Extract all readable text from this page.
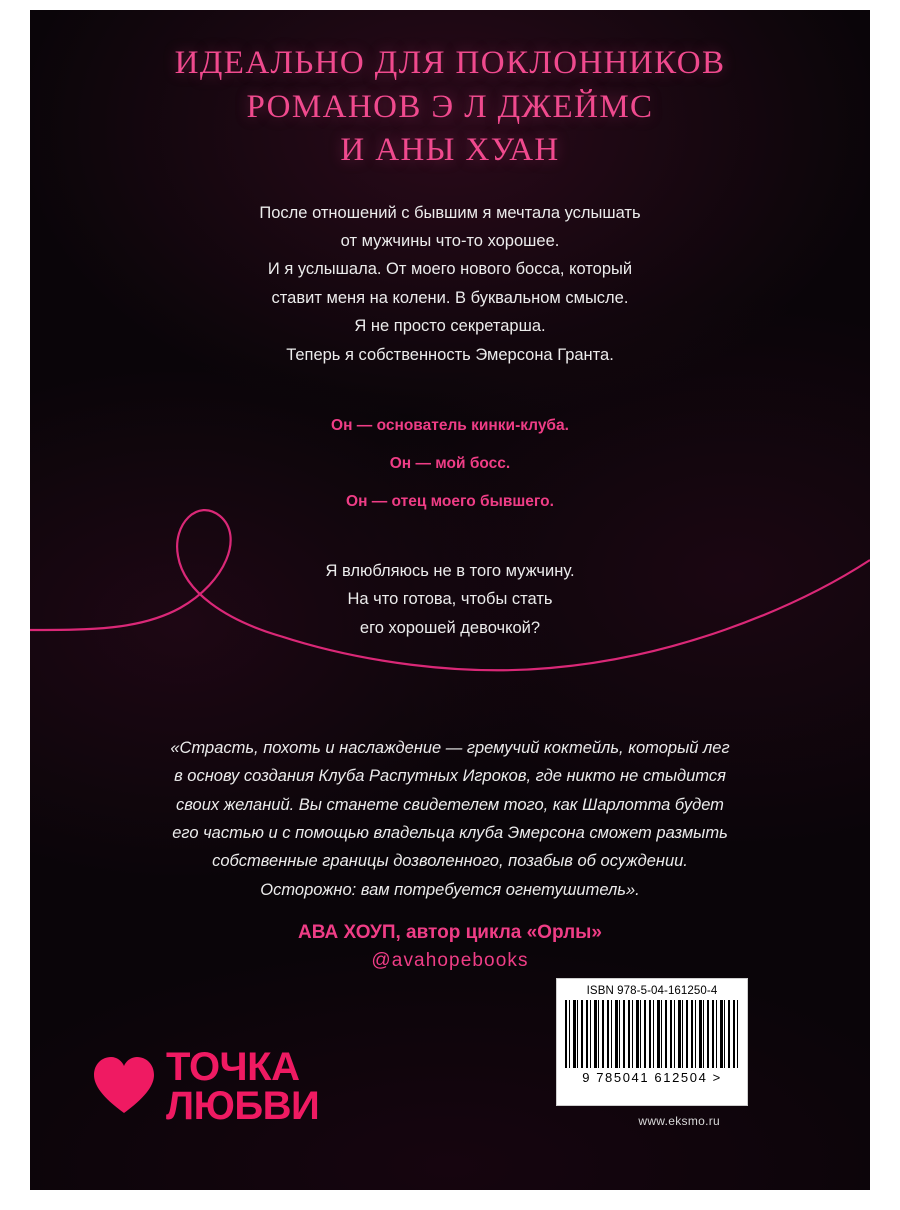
ИДЕАЛЬНО ДЛЯ ПОКЛОННИКОВ
РОМАНОВ Э Л ДЖЕЙМС
И АНЫ ХУАН
После отношений с бывшим я мечтала услышать
от мужчины что-то хорошее.
И я услышала. От моего нового босса, который
ставит меня на колени. В буквальном смысле.
Я не просто секретарша.
Теперь я собственность Эмерсона Гранта.
Он — основатель кинки-клуба.
Он — мой босс.
Он — отец моего бывшего.
Я влюбляюсь не в того мужчину.
На что готова, чтобы стать
его хорошей девочкой?
«Страсть, похоть и наслаждение — гремучий коктейль, который лег
в основу создания Клуба Распутных Игроков, где никто не стыдится
своих желаний. Вы станете свидетелем того, как Шарлотта будет
его частью и с помощью владельца клуба Эмерсона сможет размыть
собственные границы дозволенного, позабыв об осуждении.
Осторожно: вам потребуется огнетушитель».
АВА ХОУП, автор цикла «Орлы»
@avahopebooks
ТОЧКА
ЛЮБВИ
ISBN 978-5-04-161250-4
9 785041 612504 >
www.eksmo.ru
